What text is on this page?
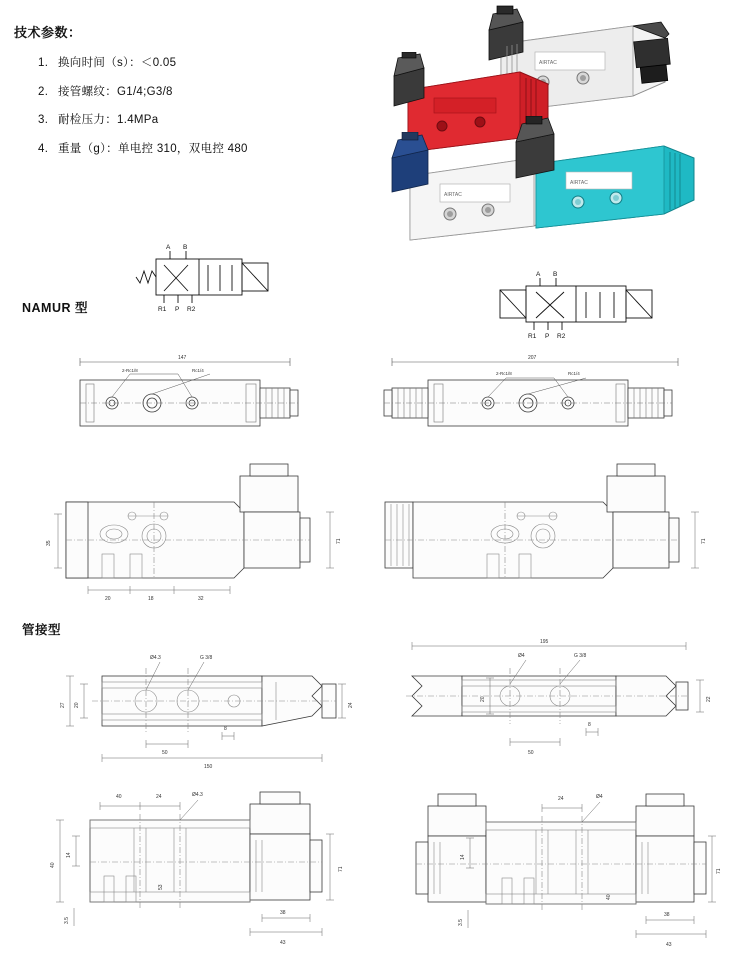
技术参数：
1. 换向时间（s）：＜0.05
2. 接管螺纹：G1/4;G3/8
3. 耐检压力：1.4MPa
4. 重量（g）：单电控 310，双电控 480
AIRTAC
AIRTAC
AIRTAC
A B
R1 P R2
A B
R1 P R2
NAMUR 型
管接型
147
2-Rc1/8	Rc1/4
207
2-Rc1/8	Rc1/4
35	71
20	18	32
71
Ø4.3	G 3/8
27 20	24
50
8
150
195
Ø4	G 3/8
20	22
50
8
40
14
3.5
40	24	Ø4.3
53
38
43
71
24	Ø4
14
3.5
38
43
71
40
